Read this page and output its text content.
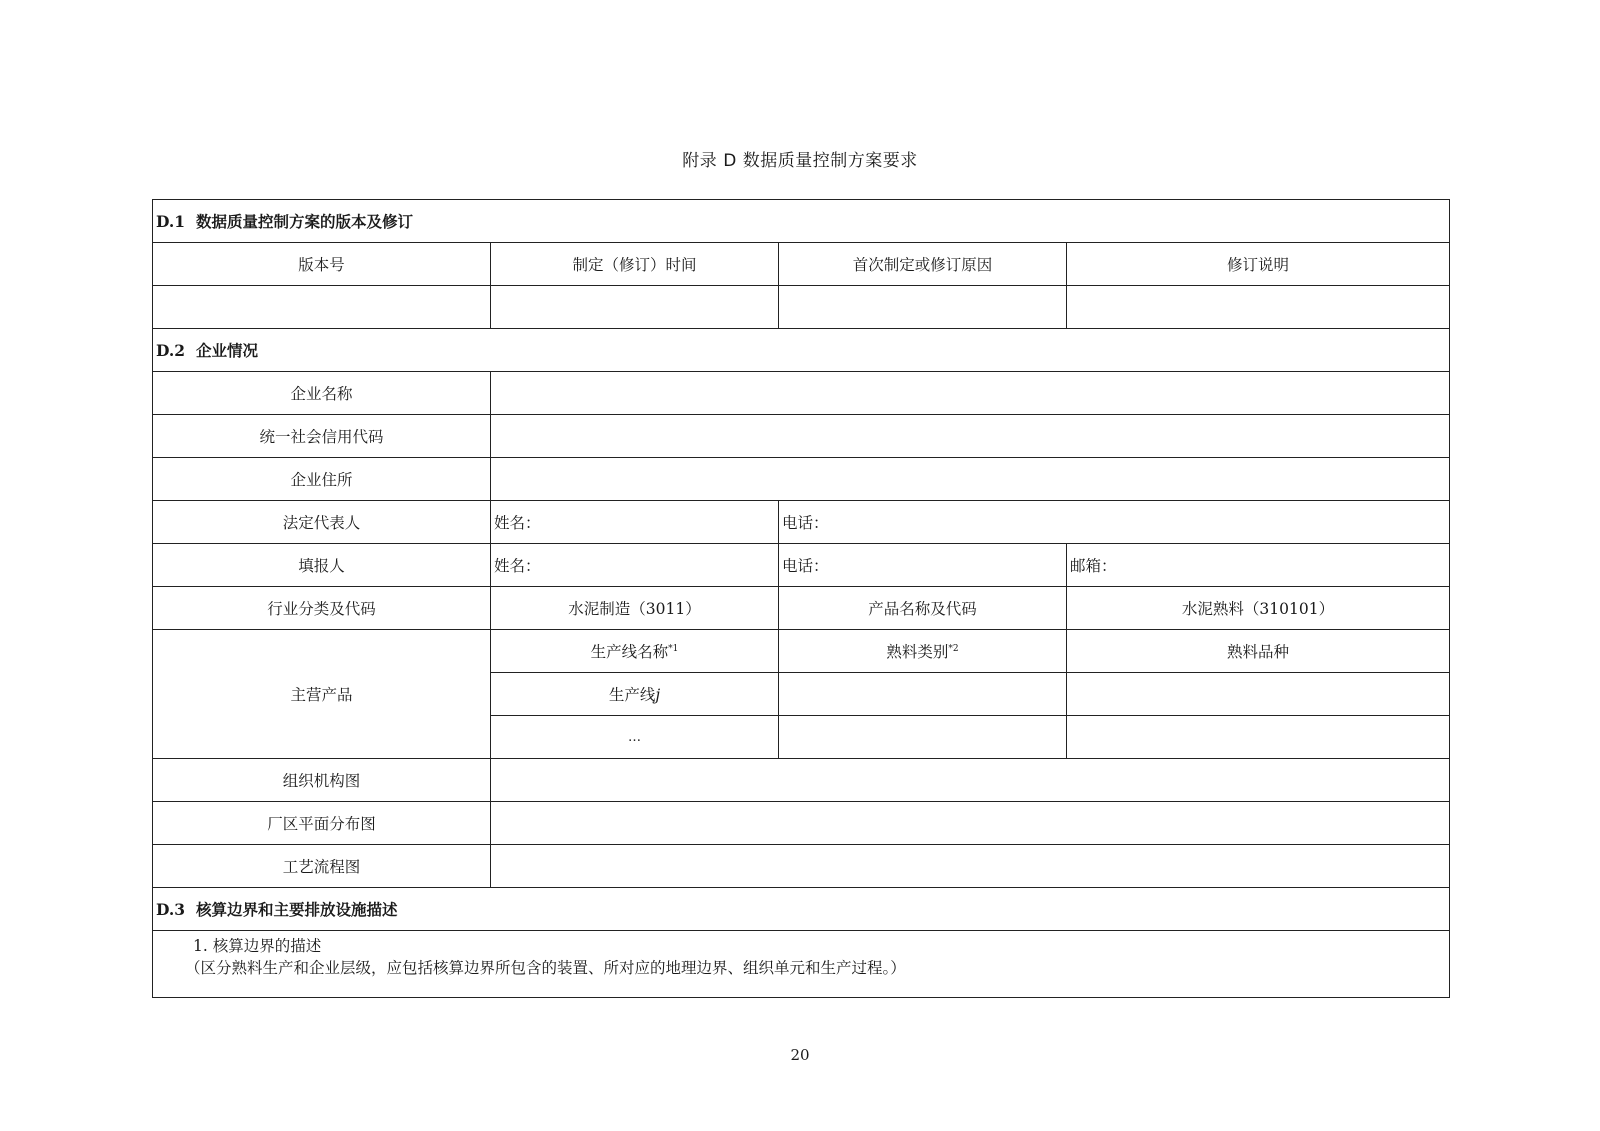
附录 D 数据质量控制方案要求
D.1 数据质量控制方案的版本及修订			
版本号	制定（修订）时间	首次制定或修订原因	修订说明

D.2 企业情况			
企业名称			
统一社会信用代码			
企业住所			
法定代表人	姓名：	电话：	
填报人	姓名：	电话：	邮箱：
行业分类及代码	水泥制造（3011）	产品名称及代码	水泥熟料（310101）
主营产品	生产线名称$^{*1}$	熟料类别$^{*2}$	熟料品种
	生产线j		
	…		
组织机构图			
厂区平面分布图			
工艺流程图			
D.3 核算边界和主要排放设施描述			

1. 核算边界的描述
（区分熟料生产和企业层级，应包括核算边界所包含的装置、所对应的地理边界、组织单元和生产过程。）			
20
